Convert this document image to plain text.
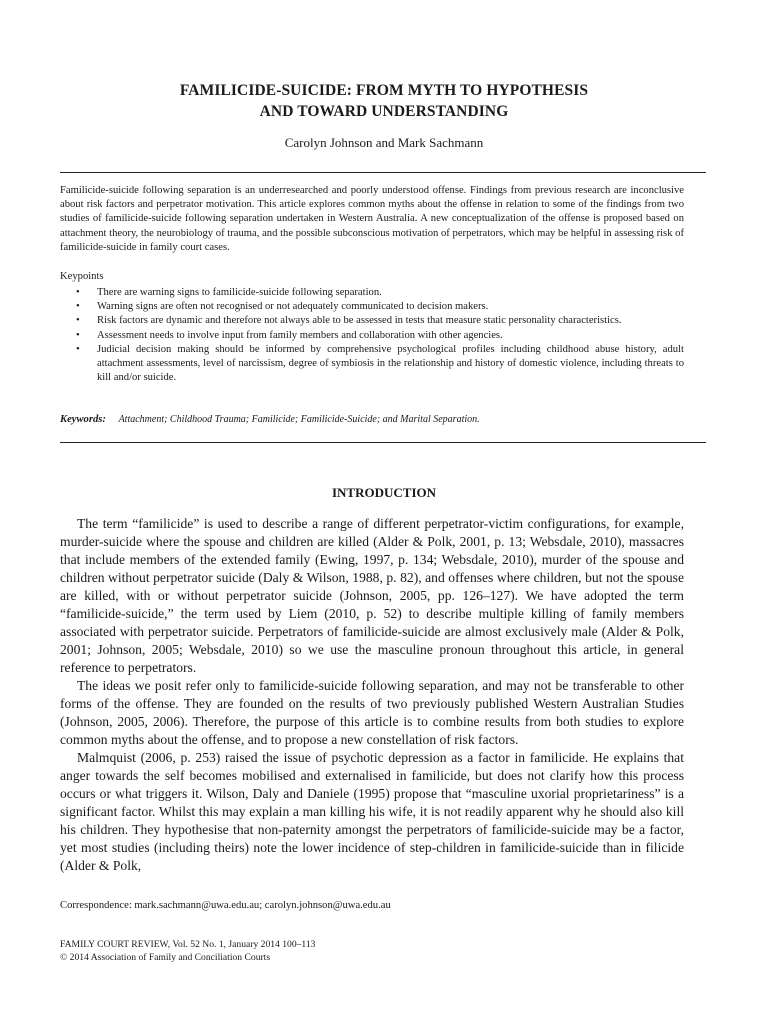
FAMILICIDE-SUICIDE: FROM MYTH TO HYPOTHESIS
AND TOWARD UNDERSTANDING
Carolyn Johnson and Mark Sachmann
Familicide-suicide following separation is an underresearched and poorly understood offense. Findings from previous research are inconclusive about risk factors and perpetrator motivation. This article explores common myths about the offense in relation to some of the findings from two studies of familicide-suicide following separation undertaken in Western Australia. A new conceptualization of the offense is proposed based on attachment theory, the neurobiology of trauma, and the possible subconscious motivation of perpetrators, which may be helpful in assessing risk of familicide-suicide in family court cases.
Keypoints
• There are warning signs to familicide-suicide following separation.
• Warning signs are often not recognised or not adequately communicated to decision makers.
• Risk factors are dynamic and therefore not always able to be assessed in tests that measure static personality characteristics.
• Assessment needs to involve input from family members and collaboration with other agencies.
• Judicial decision making should be informed by comprehensive psychological profiles including childhood abuse history, adult attachment assessments, level of narcissism, degree of symbiosis in the relationship and history of domestic violence, including threats to kill and/or suicide.
Keywords: Attachment; Childhood Trauma; Familicide; Familicide-Suicide; and Marital Separation.
INTRODUCTION

The term “familicide” is used to describe a range of different perpetrator-victim configurations, for example, murder-suicide where the spouse and children are killed (Alder & Polk, 2001, p. 13; Websdale, 2010), massacres that include members of the extended family (Ewing, 1997, p. 134; Websdale, 2010), murder of the spouse and children without perpetrator suicide (Daly & Wilson, 1988, p. 82), and offenses where children, but not the spouse are killed, with or without perpetrator suicide (Johnson, 2005, pp. 126–127). We have adopted the term “familicide-suicide,” the term used by Liem (2010, p. 52) to describe multiple killing of family members associated with perpetrator suicide. Perpetrators of familicide-suicide are almost exclusively male (Alder & Polk, 2001; Johnson, 2005; Websdale, 2010) so we use the masculine pronoun throughout this article, in general reference to perpetrators.

The ideas we posit refer only to familicide-suicide following separation, and may not be transferable to other forms of the offense. They are founded on the results of two previously published Western Australian Studies (Johnson, 2005, 2006). Therefore, the purpose of this article is to combine results from both studies to explore common myths about the offense, and to propose a new constellation of risk factors.

Malmquist (2006, p. 253) raised the issue of psychotic depression as a factor in familicide. He explains that anger towards the self becomes mobilised and externalised in familicide, but does not clarify how this process occurs or what triggers it. Wilson, Daly and Daniele (1995) propose that “masculine uxorial proprietariness” is a significant factor. Whilst this may explain a man killing his wife, it is not readily apparent why he should also kill his children. They hypothesise that non-paternity amongst the perpetrators of familicide-suicide may be a factor, yet most studies (including theirs) note the lower incidence of step-children in familicide-suicide than in filicide (Alder & Polk,

Correspondence: mark.sachmann@uwa.edu.au; carolyn.johnson@uwa.edu.au
FAMILY COURT REVIEW, Vol. 52 No. 1, January 2014 100–113
© 2014 Association of Family and Conciliation Courts
